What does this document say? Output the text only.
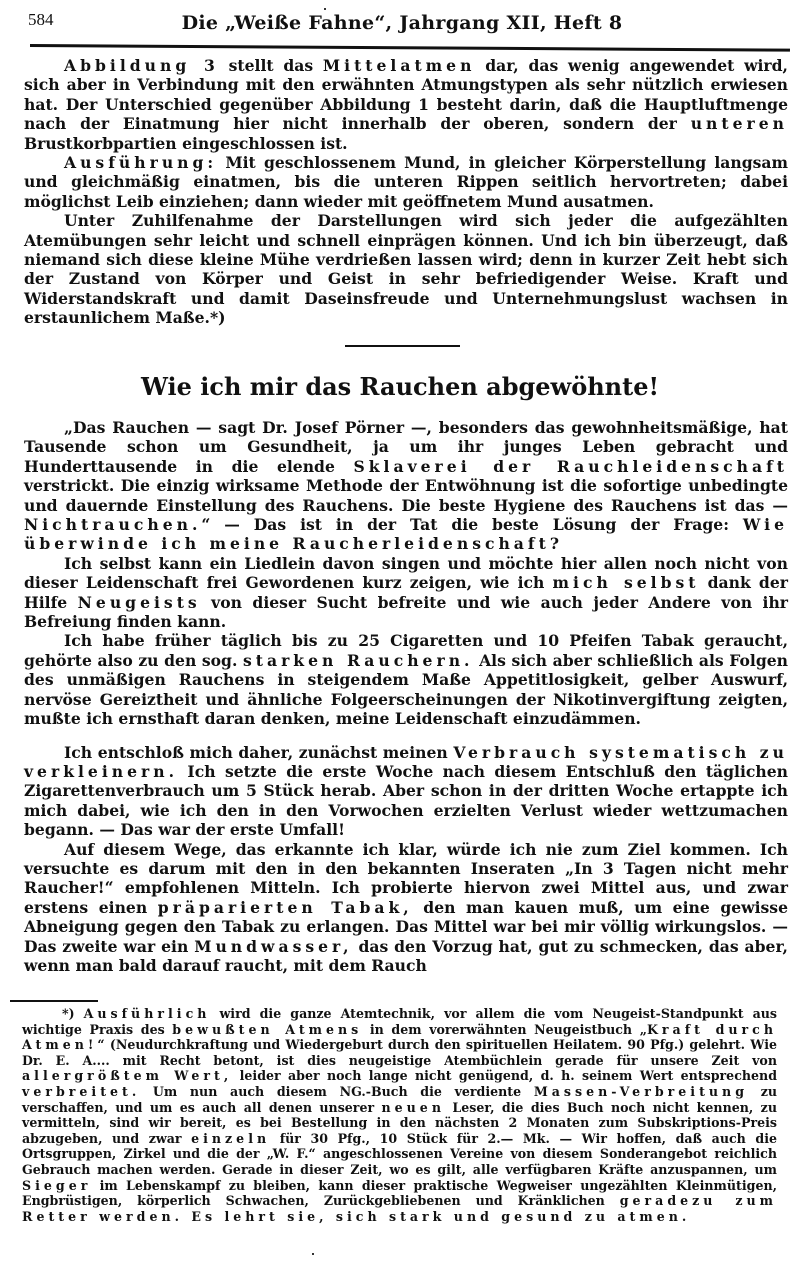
584	Die „Weiße Fahne“, Jahrgang XII, Heft 8

Abbildung 3 stellt das Mittelatmen dar, das wenig angewendet wird, sich aber in Verbindung mit den erwähnten Atmungstypen als sehr nützlich erwiesen hat. Der Unterschied gegenüber Abbildung 1 besteht darin, daß die Hauptluftmenge nach der Einatmung hier nicht innerhalb der oberen, sondern der unteren Brustkorbpartien eingeschlossen ist.

Ausführung: Mit geschlossenem Mund, in gleicher Körperstellung langsam und gleichmäßig einatmen, bis die unteren Rippen seitlich hervortreten; dabei möglichst Leib einziehen; dann wieder mit geöffnetem Mund ausatmen.

Unter Zuhilfenahme der Darstellungen wird sich jeder die aufgezählten Atemübungen sehr leicht und schnell einprägen können. Und ich bin überzeugt, daß niemand sich diese kleine Mühe verdrießen lassen wird; denn in kurzer Zeit hebt sich der Zustand von Körper und Geist in sehr befriedigender Weise. Kraft und Widerstandskraft und damit Daseinsfreude und Unternehmungslust wachsen in erstaunlichem Maße.*)

Wie ich mir das Rauchen abgewöhnte!

„Das Rauchen — sagt Dr. Josef Pörner —, besonders das gewohnheitsmäßige, hat Tausende schon um Gesundheit, ja um ihr junges Leben gebracht und Hunderttausende in die elende Sklaverei der Rauchleidenschaft verstrickt. Die einzig wirksame Methode der Entwöhnung ist die sofortige unbedingte und dauernde Einstellung des Rauchens. Die beste Hygiene des Rauchens ist das — Nichtrauchen.“ — Das ist in der Tat die beste Lösung der Frage: Wie überwinde ich meine Raucherleidenschaft?

Ich selbst kann ein Liedlein davon singen und möchte hier allen noch nicht von dieser Leidenschaft frei Gewordenen kurz zeigen, wie ich mich selbst dank der Hilfe Neugeists von dieser Sucht befreite und wie auch jeder Andere von ihr Befreiung finden kann.

Ich habe früher täglich bis zu 25 Cigaretten und 10 Pfeifen Tabak geraucht, gehörte also zu den sog. starken Rauchern. Als sich aber schließlich als Folgen des unmäßigen Rauchens in steigendem Maße Appetitlosigkeit, gelber Auswurf, nervöse Gereiztheit und ähnliche Folgeerscheinungen der Nikotinvergiftung zeigten, mußte ich ernsthaft daran denken, meine Leidenschaft einzudämmen.

Ich entschloß mich daher, zunächst meinen Verbrauch systematisch zu verkleinern. Ich setzte die erste Woche nach diesem Entschluß den täglichen Zigarettenverbrauch um 5 Stück herab. Aber schon in der dritten Woche ertappte ich mich dabei, wie ich den in den Vorwochen erzielten Verlust wieder wettzumachen begann. — Das war der erste Umfall!

Auf diesem Wege, das erkannte ich klar, würde ich nie zum Ziel kommen. Ich versuchte es darum mit den in den bekannten Inseraten „In 3 Tagen nicht mehr Raucher!“ empfohlenen Mitteln. Ich probierte hiervon zwei Mittel aus, und zwar erstens einen präparierten Tabak, den man kauen muß, um eine gewisse Abneigung gegen den Tabak zu erlangen. Das Mittel war bei mir völlig wirkungslos. — Das zweite war ein Mundwasser, das den Vorzug hat, gut zu schmecken, das aber, wenn man bald darauf raucht, mit dem Rauch

*) Ausführlich wird die ganze Atemtechnik, vor allem die vom Neugeist-Standpunkt aus wichtige Praxis des bewußten Atmens in dem vorerwähnten Neugeistbuch „Kraft durch Atmen!“ (Neudurchkraftung und Wiedergeburt durch den spirituellen Heilatem. 90 Pfg.) gelehrt. Wie Dr. E. A.... mit Recht betont, ist dies neugeistige Atembüchlein gerade für unsere Zeit von allergrößtem Wert, leider aber noch lange nicht genügend, d. h. seinem Wert entsprechend verbreitet. Um nun auch diesem NG.-Buch die verdiente Massen-Verbreitung zu verschaffen, und um es auch all denen unserer neuen Leser, die dies Buch noch nicht kennen, zu vermitteln, sind wir bereit, es bei Bestellung in den nächsten 2 Monaten zum Subskriptions-Preis abzugeben, und zwar einzeln für 30 Pfg., 10 Stück für 2.— Mk. — Wir hoffen, daß auch die Ortsgruppen, Zirkel und die der „W. F.“ angeschlossenen Vereine von diesem Sonderangebot reichlich Gebrauch machen werden. Gerade in dieser Zeit, wo es gilt, alle verfügbaren Kräfte anzuspannen, um Sieger im Lebenskampf zu bleiben, kann dieser praktische Wegweiser ungezählten Kleinmütigen, Engbrüstigen, körperlich Schwachen, Zurückgebliebenen und Kränklichen geradezu zum Retter werden. Es lehrt sie, sich stark und gesund zu atmen.
